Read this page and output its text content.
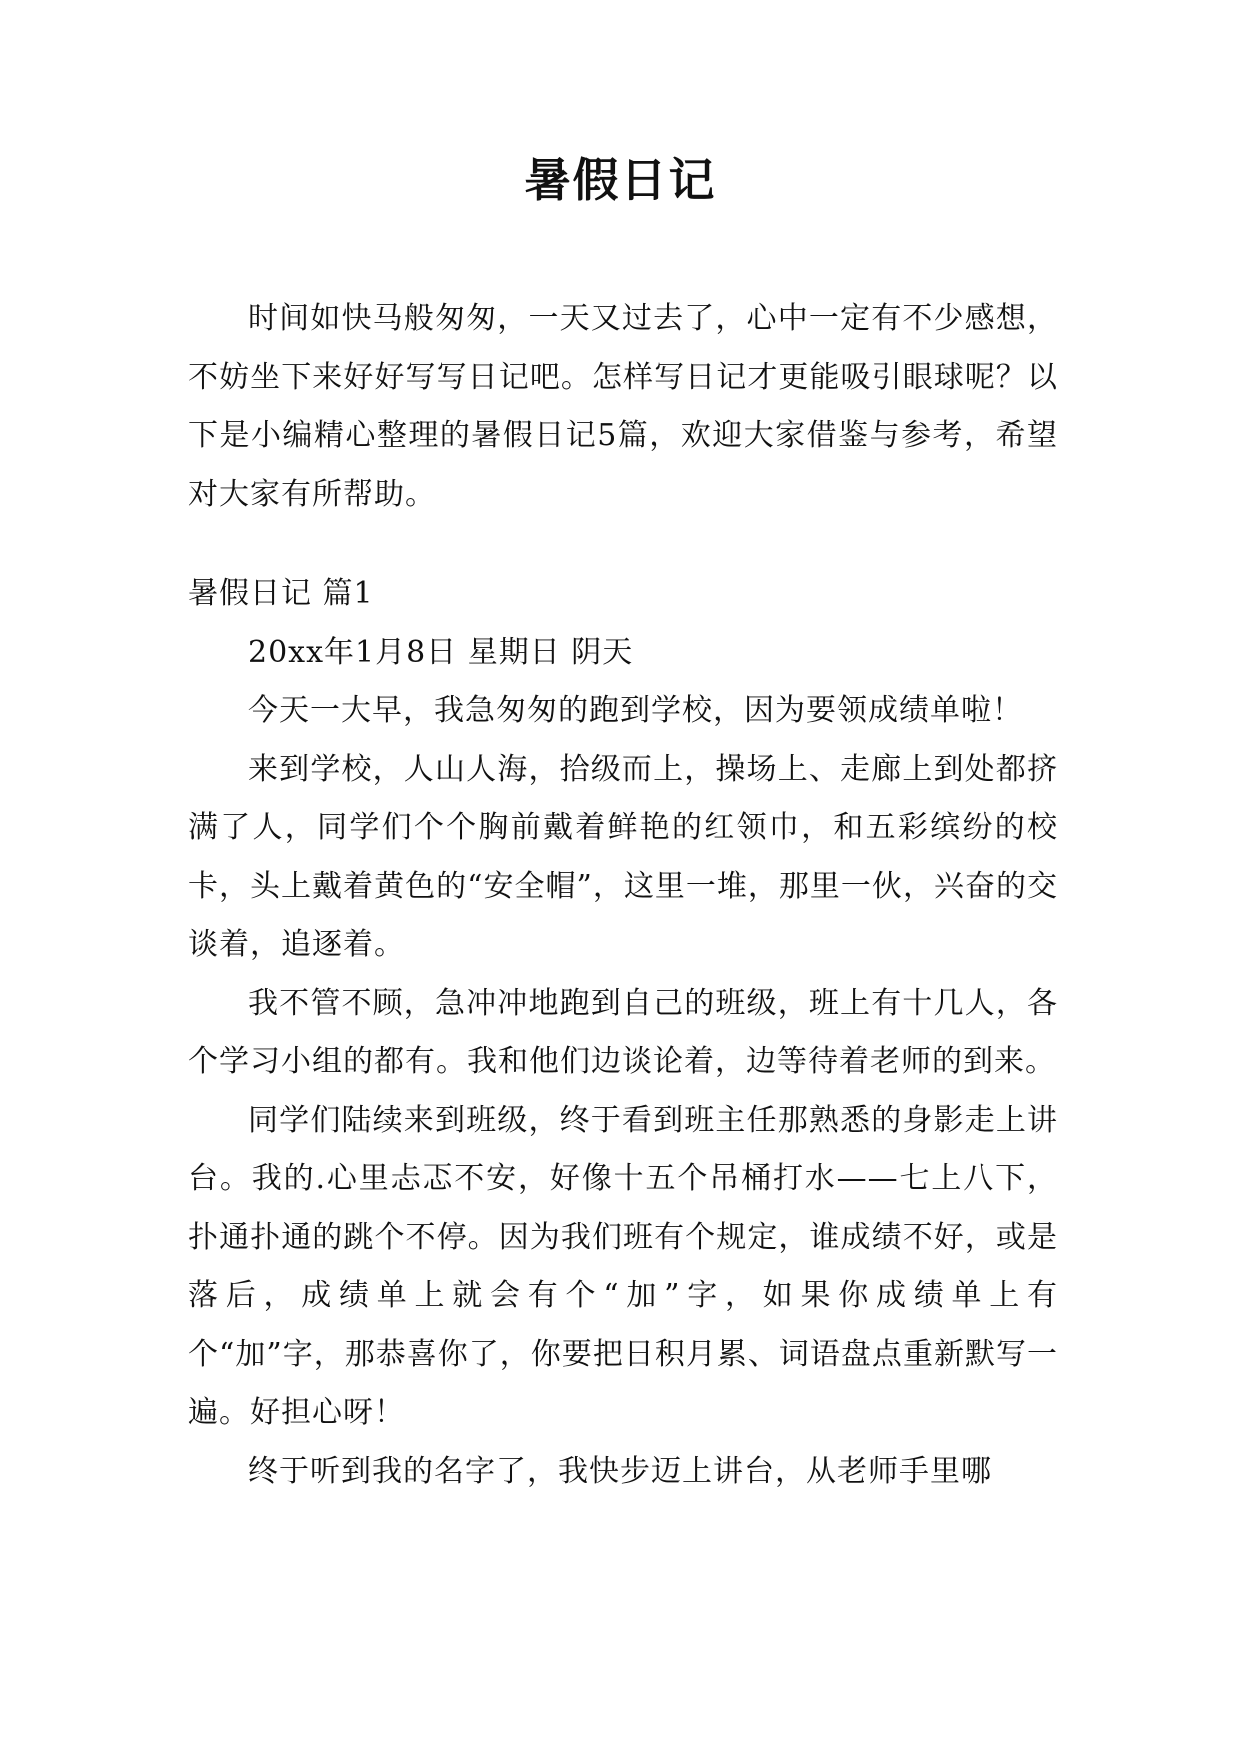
暑假日记

时间如快马般匆匆，一天又过去了，心中一定有不少感想，不妨坐下来好好写写日记吧。怎样写日记才更能吸引眼球呢？以下是小编精心整理的暑假日记5篇，欢迎大家借鉴与参考，希望对大家有所帮助。

暑假日记 篇1

20xx年1月8日 星期日 阴天

今天一大早，我急匆匆的跑到学校，因为要领成绩单啦！

来到学校，人山人海，拾级而上，操场上、走廊上到处都挤满了人，同学们个个胸前戴着鲜艳的红领巾，和五彩缤纷的校卡，头上戴着黄色的“安全帽”，这里一堆，那里一伙，兴奋的交谈着，追逐着。

我不管不顾，急冲冲地跑到自己的班级，班上有十几人，各个学习小组的都有。我和他们边谈论着，边等待着老师的到来。

同学们陆续来到班级，终于看到班主任那熟悉的身影走上讲台。我的.心里忐忑不安，好像十五个吊桶打水——七上八下，扑通扑通的跳个不停。因为我们班有个规定，谁成绩不好，或是落后，成绩单上就会有个“加”字，如果你成绩单上有个“加”字，那恭喜你了，你要把日积月累、词语盘点重新默写一遍。好担心呀！

终于听到我的名字了，我快步迈上讲台，从老师手里哪
